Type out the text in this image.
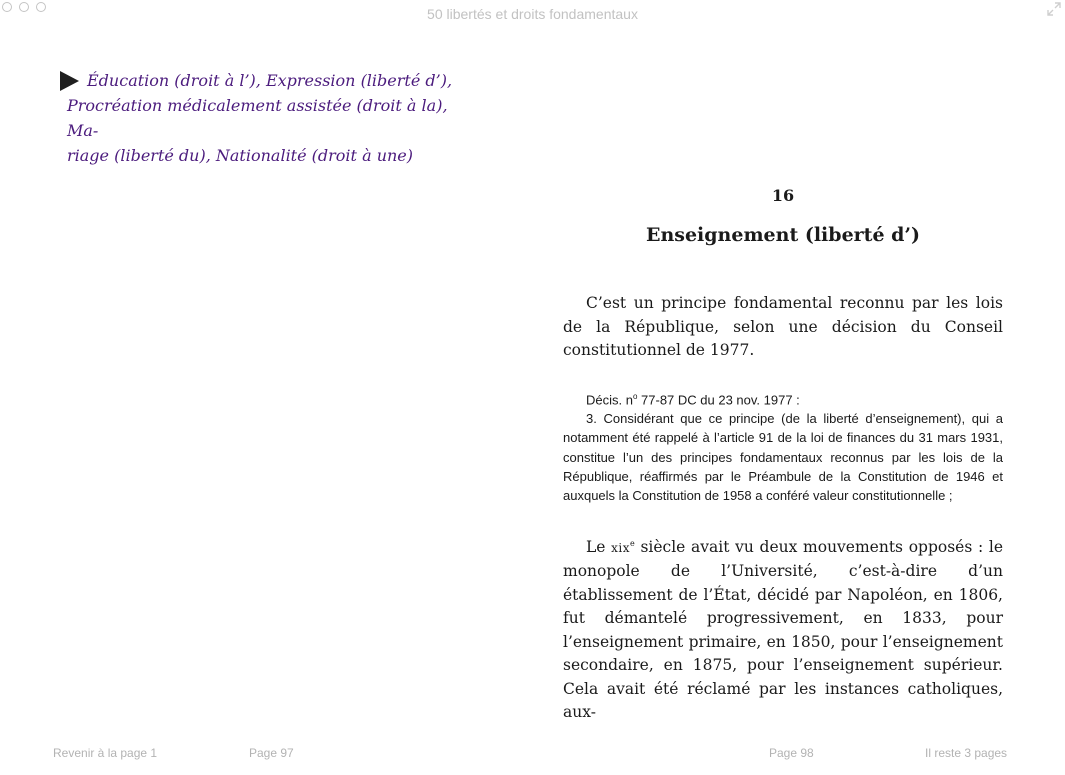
50 libertés et droits fondamentaux

Éducation (droit à l’), Expression (liberté d’),
Procréation médicalement assistée (droit à la), Ma-
riage (liberté du), Nationalité (droit à une)

16

Enseignement (liberté d’)

C’est un principe fondamental reconnu par les lois de la République, selon une décision du Conseil constitutionnel de 1977.

Décis. $n^o$ 77-87 DC du 23 nov. 1977 :
3. Considérant que ce principe (de la liberté d’enseignement), qui a notamment été rappelé à l’article 91 de la loi de finances du 31 mars 1931, constitue l’un des principes fondamentaux reconnus par les lois de la République, réaffirmés par le Préambule de la Constitution de 1946 et auxquels la Constitution de 1958 a conféré valeur constitutionnelle ;

Le xix$^e$ siècle avait vu deux mouvements opposés : le monopole de l’Université, c’est-à-dire d’un établissement de l’État, décidé par Napoléon, en 1806, fut démantelé progressivement, en 1833, pour l’enseignement primaire, en 1850, pour l’enseignement secondaire, en 1875, pour l’enseignement supérieur. Cela avait été réclamé par les instances catholiques, aux-

Revenir à la page 1	Page 97	Page 98	Il reste 3 pages
